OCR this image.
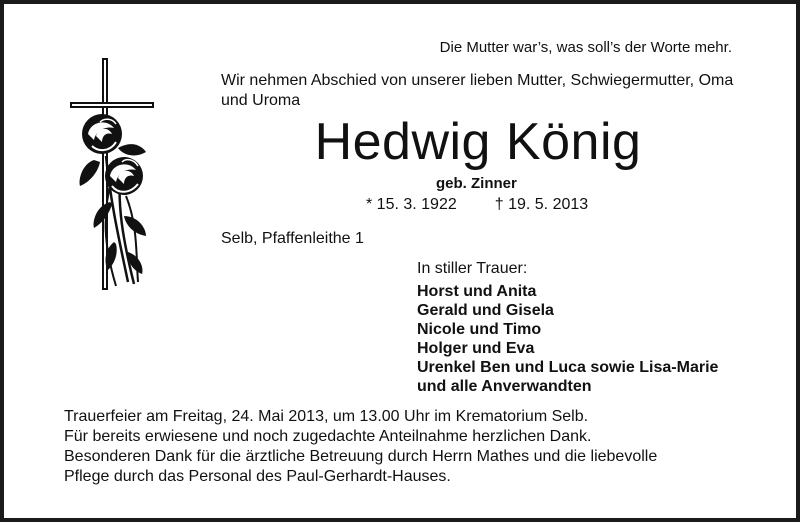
Die Mutter war’s, was soll’s der Worte mehr.
Wir nehmen Abschied von unserer lieben Mutter, Schwiegermutter, Oma und Uroma
Hedwig König
geb. Zinner
* 15. 3. 1922 † 19. 5. 2013
Selb, Pfaffenleithe 1
In stiller Trauer:
Horst und Anita
Gerald und Gisela
Nicole und Timo
Holger und Eva
Urenkel Ben und Luca sowie Lisa-Marie
und alle Anverwandten
Trauerfeier am Freitag, 24. Mai 2013, um 13.00 Uhr im Krematorium Selb.
Für bereits erwiesene und noch zugedachte Anteilnahme herzlichen Dank.
Besonderen Dank für die ärztliche Betreuung durch Herrn Mathes und die liebevolle
Pflege durch das Personal des Paul-Gerhardt-Hauses.
